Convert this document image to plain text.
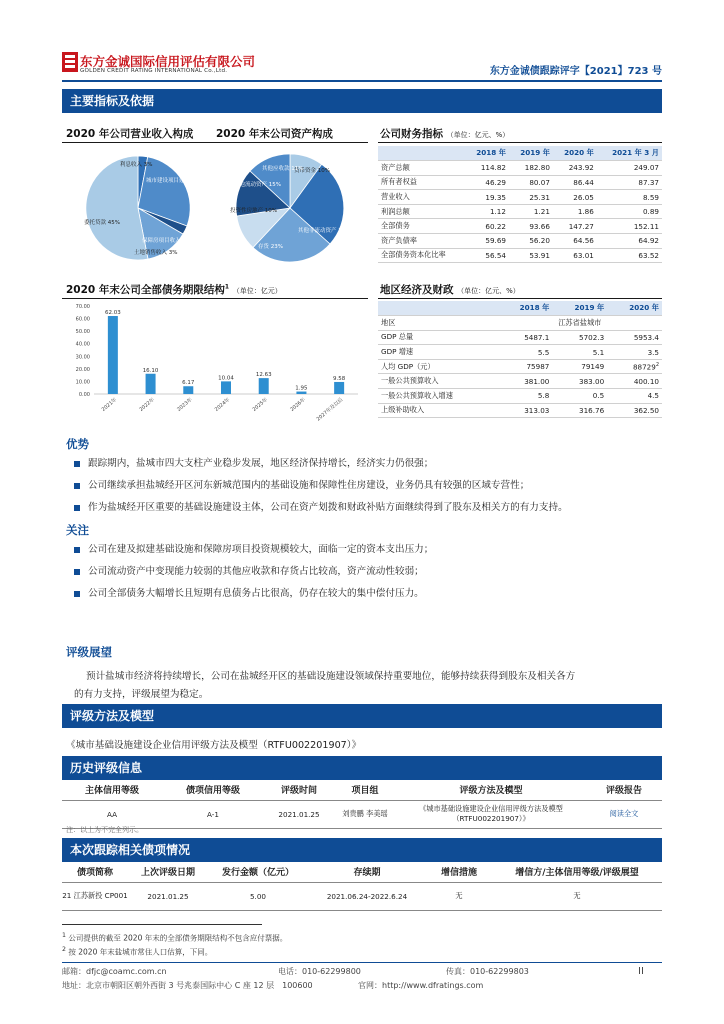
东方金诚国际信用评估有限公司
GOLDEN CREDIT RATING INTERNATIONAL Co.,Ltd.	东方金诚债跟踪评字【2021】723 号
主要指标及依据
2020 年公司营业收入构成 2020 年末公司资产构成
利息收入 3%
城市建设项目建设收入 27%
保障房项目收入 2%
土地销售收入 3%
委托贷款 45%
货币资金 10%
其他应收款 11%
其他流动资产 15%
投资性房地产 10%
其他非流动资产 35%
存货 23%
公司财务指标 （单位：亿元、%）
	2018 年	2019 年	2020 年	2021 年 3 月
资产总额	114.82	182.80	243.92	249.07
所有者权益	46.29	80.07	86.44	87.37
营业收入	19.35	25.31	26.05	8.59
利润总额	1.12	1.21	1.86	0.89
全部债务	60.22	93.66	147.27	152.11
资产负债率	59.69	56.20	64.56	64.92
全部债务资本化比率	56.54	53.91	63.01	63.52
2020 年末公司全部债务期限结构$^1$ （单位：亿元）
0.00
10.00
20.00
30.00
40.00
50.00
60.00
70.00
62.03
2021年
16.10
2022年
6.17
2023年
10.04
2024年
12.63
2025年
1.95
2026年
9.58
2027年及以后
地区经济及财政 （单位：亿元、%）
	2018 年	2019 年	2020 年
地区	江苏省盐城市		
GDP 总量	5487.1	5702.3	5953.4
GDP 增速	5.5	5.1	3.5
人均 GDP（元）	75987	79149	88729$^2$
一般公共预算收入	381.00	383.00	400.10
一般公共预算收入增速	5.8	0.5	4.5
上级补助收入	313.03	316.76	362.50
优势
跟踪期内，盐城市四大支柱产业稳步发展，地区经济保持增长，经济实力仍很强；
公司继续承担盐城经开区河东新城范围内的基础设施和保障性住房建设，业务仍具有较强的区域专营性；
作为盐城经开区重要的基础设施建设主体，公司在资产划拨和财政补贴方面继续得到了股东及相关方的有力支持。
关注
公司在建及拟建基础设施和保障房项目投资规模较大，面临一定的资本支出压力；
公司流动资产中变现能力较弱的其他应收款和存货占比较高，资产流动性较弱；
公司全部债务大幅增长且短期有息债务占比很高，仍存在较大的集中偿付压力。
评级展望
预计盐城市经济将持续增长，公司在盐城经开区的基础设施建设领域保持重要地位，能够持续获得到股东及相关各方
的有力支持，评级展望为稳定。
评级方法及模型
《城市基础设施建设企业信用评级方法及模型（RTFU002201907）》
历史评级信息
主体信用等级	债项信用等级	评级时间	项目组	评级方法及模型	评级报告
AA	A-1	2021.01.25	刘贵鹏 李美瑶	《城市基础设施建设企业信用评级方法及模型（RTFU002201907）》	阅读全文
注：以上为不完全列示。
本次跟踪相关债项情况
债项简称	上次评级日期	发行金额（亿元）	存续期	增信措施	增信方/主体信用等级/评级展望
21 江苏新投 CP001	2021.01.25	5.00	2021.06.24-2022.6.24	无	无
$^1$ 公司提供的截至 2020 年末的全部债务期限结构不包含应付票据。
$^2$ 按 2020 年末盐城市常住人口估算，下同。
邮箱：dfjc@coamc.com.cn	电话：010-62299800	传真：010-62299803	II
地址：北京市朝阳区朝外西街 3 号兆泰国际中心 C 座 12 层　100600	官网：http://www.dfratings.com
